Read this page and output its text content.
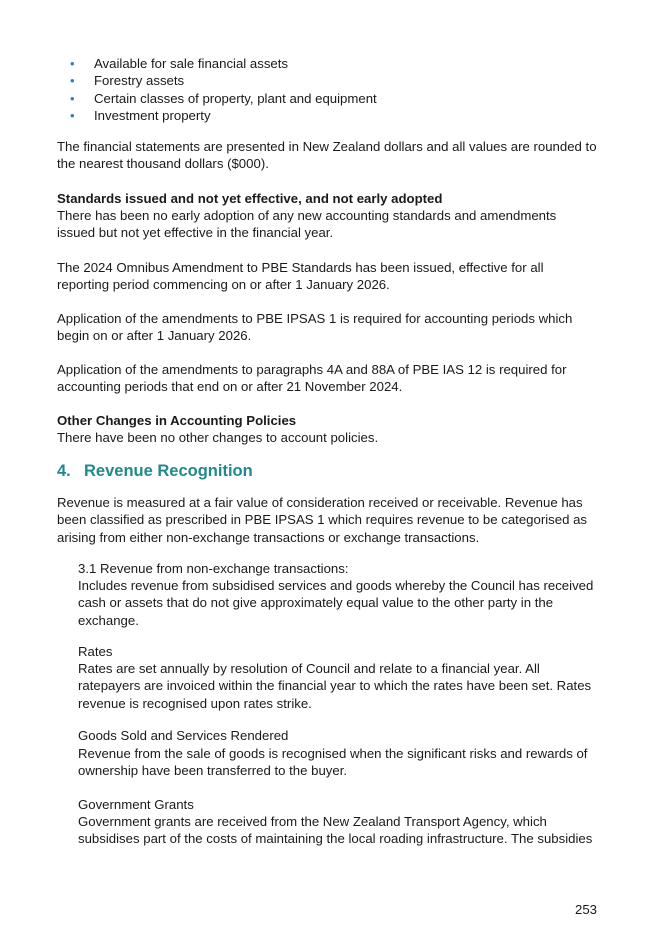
• Available for sale financial assets
• Forestry assets
• Certain classes of property, plant and equipment
• Investment property

The financial statements are presented in New Zealand dollars and all values are rounded to the nearest thousand dollars ($000).

Standards issued and not yet effective, and not early adopted

There has been no early adoption of any new accounting standards and amendments issued but not yet effective in the financial year.

The 2024 Omnibus Amendment to PBE Standards has been issued, effective for all reporting period commencing on or after 1 January 2026.

Application of the amendments to PBE IPSAS 1 is required for accounting periods which begin on or after 1 January 2026.

Application of the amendments to paragraphs 4A and 88A of PBE IAS 12 is required for accounting periods that end on or after 21 November 2024.

Other Changes in Accounting Policies

There have been no other changes to account policies.

4. Revenue Recognition

Revenue is measured at a fair value of consideration received or receivable. Revenue has been classified as prescribed in PBE IPSAS 1 which requires revenue to be categorised as arising from either non-exchange transactions or exchange transactions.

3.1 Revenue from non-exchange transactions:

Includes revenue from subsidised services and goods whereby the Council has received cash or assets that do not give approximately equal value to the other party in the exchange.

Rates

Rates are set annually by resolution of Council and relate to a financial year. All ratepayers are invoiced within the financial year to which the rates have been set. Rates revenue is recognised upon rates strike.

Goods Sold and Services Rendered

Revenue from the sale of goods is recognised when the significant risks and rewards of ownership have been transferred to the buyer.

Government Grants

Government grants are received from the New Zealand Transport Agency, which subsidises part of the costs of maintaining the local roading infrastructure. The subsidies

253
